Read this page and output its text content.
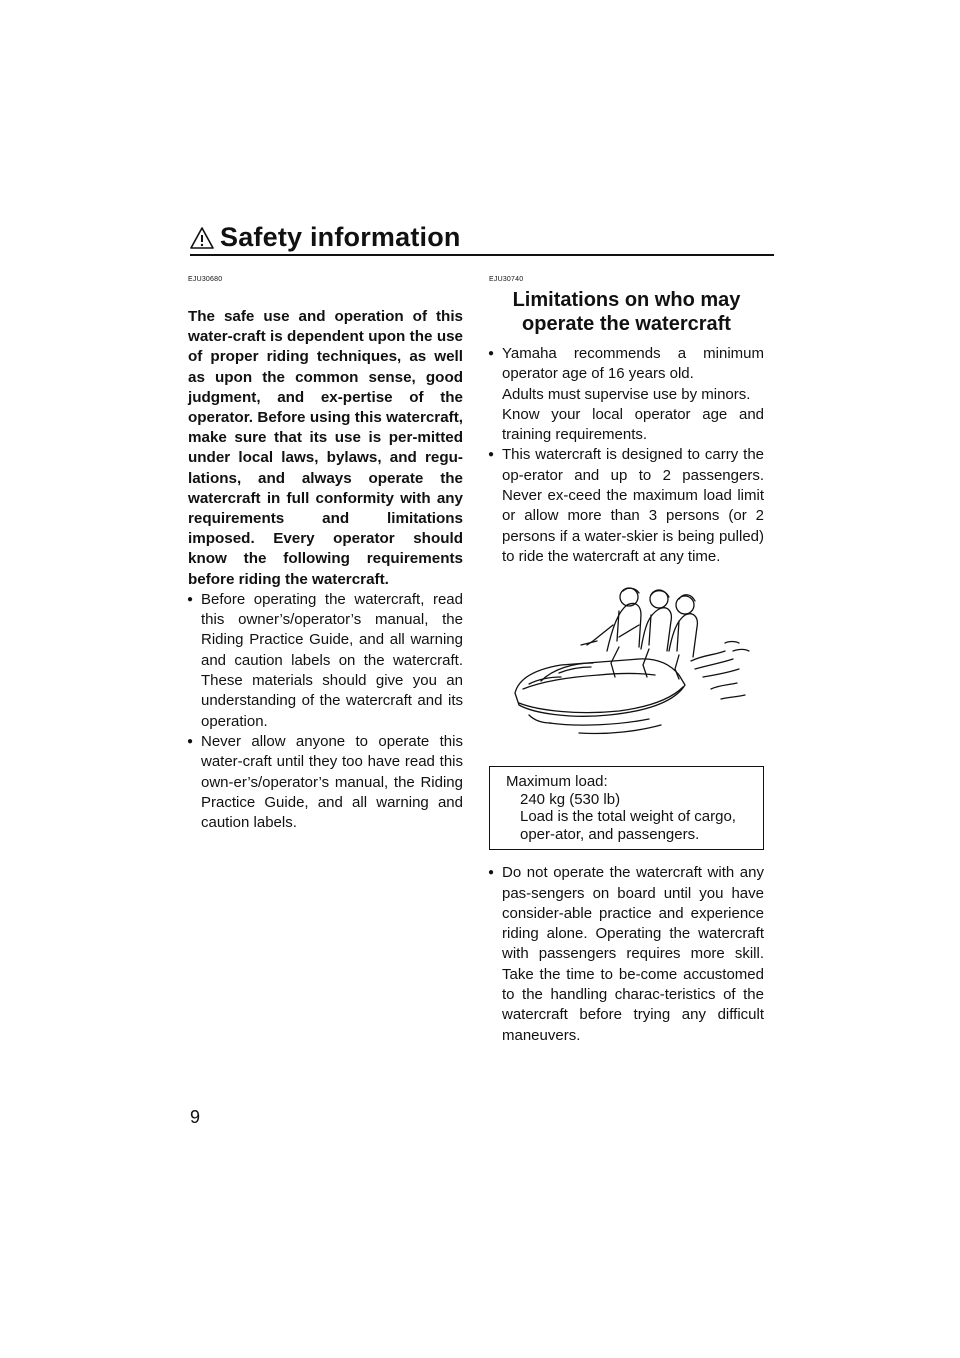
Safety information
EJU30680

The safe use and operation of this water-craft is dependent upon the use of proper riding techniques, as well as upon the common sense, good judgment, and ex-pertise of the operator. Before using this watercraft, make sure that its use is per-mitted under local laws, bylaws, and regu-lations, and always operate the watercraft in full conformity with any requirements and limitations imposed. Every operator should know the following requirements before riding the watercraft.

● Before operating the watercraft, read this owner’s/operator’s manual, the Riding Practice Guide, and all warning and caution labels on the watercraft. These materials should give you an understanding of the watercraft and its operation.
● Never allow anyone to operate this water-craft until they too have read this own-er’s/operator’s manual, the Riding Practice Guide, and all warning and caution labels.
EJU30740
Limitations on who may
operate the watercraft
● Yamaha recommends a minimum operator age of 16 years old.
Adults must supervise use by minors.
Know your local operator age and training requirements.
● This watercraft is designed to carry the op-erator and up to 2 passengers. Never ex-ceed the maximum load limit or allow more than 3 persons (or 2 persons if a water-skier is being pulled) to ride the watercraft at any time.
Maximum load:
240 kg (530 lb)
Load is the total weight of cargo, oper-ator, and passengers.
● Do not operate the watercraft with any pas-sengers on board until you have consider-able practice and experience riding alone. Operating the watercraft with passengers requires more skill. Take the time to be-come accustomed to the handling charac-teristics of the watercraft before trying any difficult maneuvers.
9
